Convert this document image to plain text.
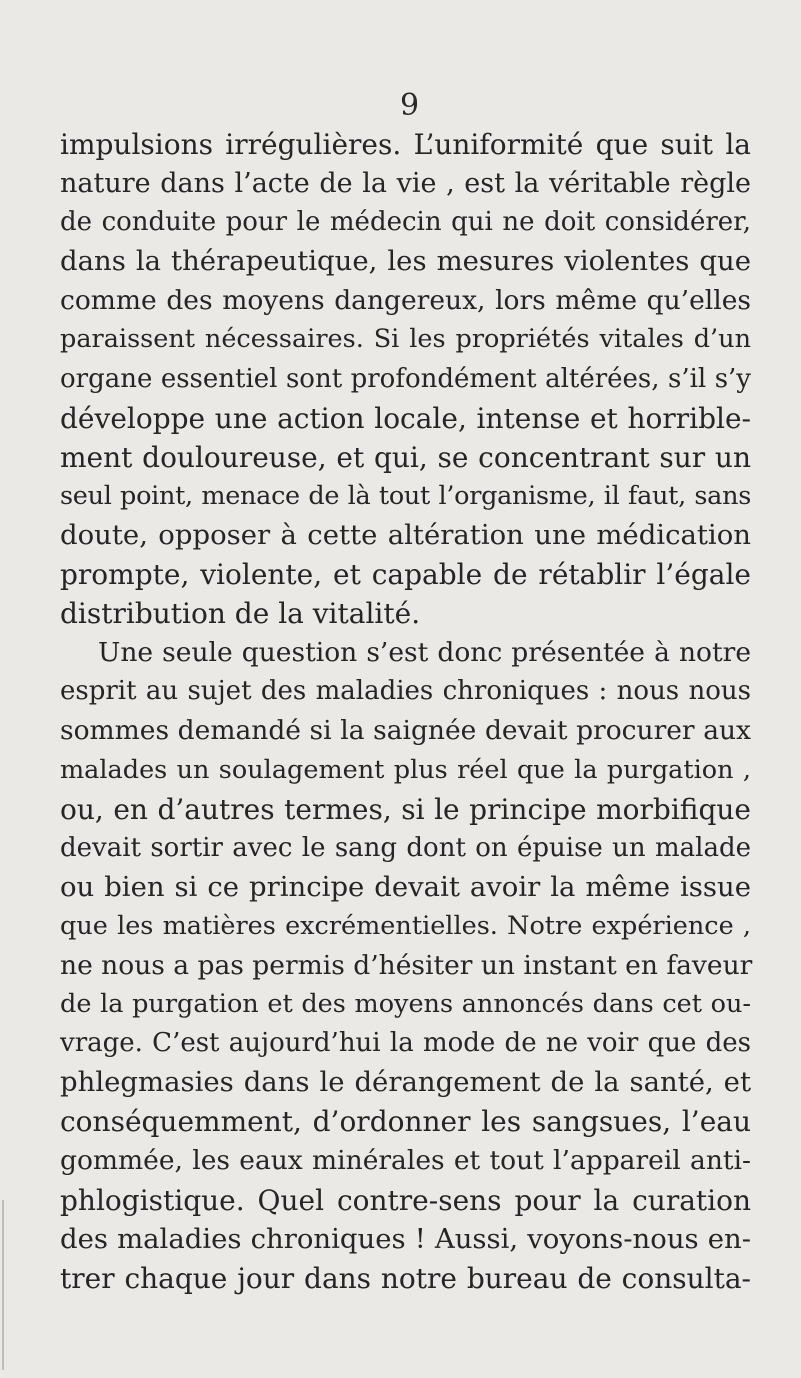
9
impulsions irrégulières. L’uniformité que suit la
nature dans l’acte de la vie , est la véritable règle
de conduite pour le médecin qui ne doit considérer,
dans la thérapeutique, les mesures violentes que
comme des moyens dangereux, lors même qu’elles
paraissent nécessaires. Si les propriétés vitales d’un
organe essentiel sont profondément altérées, s’il s’y
développe une action locale, intense et horrible-
ment douloureuse, et qui, se concentrant sur un
seul point, menace de là tout l’organisme, il faut, sans
doute, opposer à cette altération une médication
prompte, violente, et capable de rétablir l’égale
distribution de la vitalité.
Une seule question s’est donc présentée à notre
esprit au sujet des maladies chroniques : nous nous
sommes demandé si la saignée devait procurer aux
malades un soulagement plus réel que la purgation ,
ou, en d’autres termes, si le principe morbifique
devait sortir avec le sang dont on épuise un malade
ou bien si ce principe devait avoir la même issue
que les matières excrémentielles. Notre expérience ,
ne nous a pas permis d’hésiter un instant en faveur
de la purgation et des moyens annoncés dans cet ou-
vrage. C’est aujourd’hui la mode de ne voir que des
phlegmasies dans le dérangement de la santé, et
conséquemment, d’ordonner les sangsues, l’eau
gommée, les eaux minérales et tout l’appareil anti-
phlogistique. Quel contre-sens pour la curation
des maladies chroniques ! Aussi, voyons-nous en-
trer chaque jour dans notre bureau de consulta-
